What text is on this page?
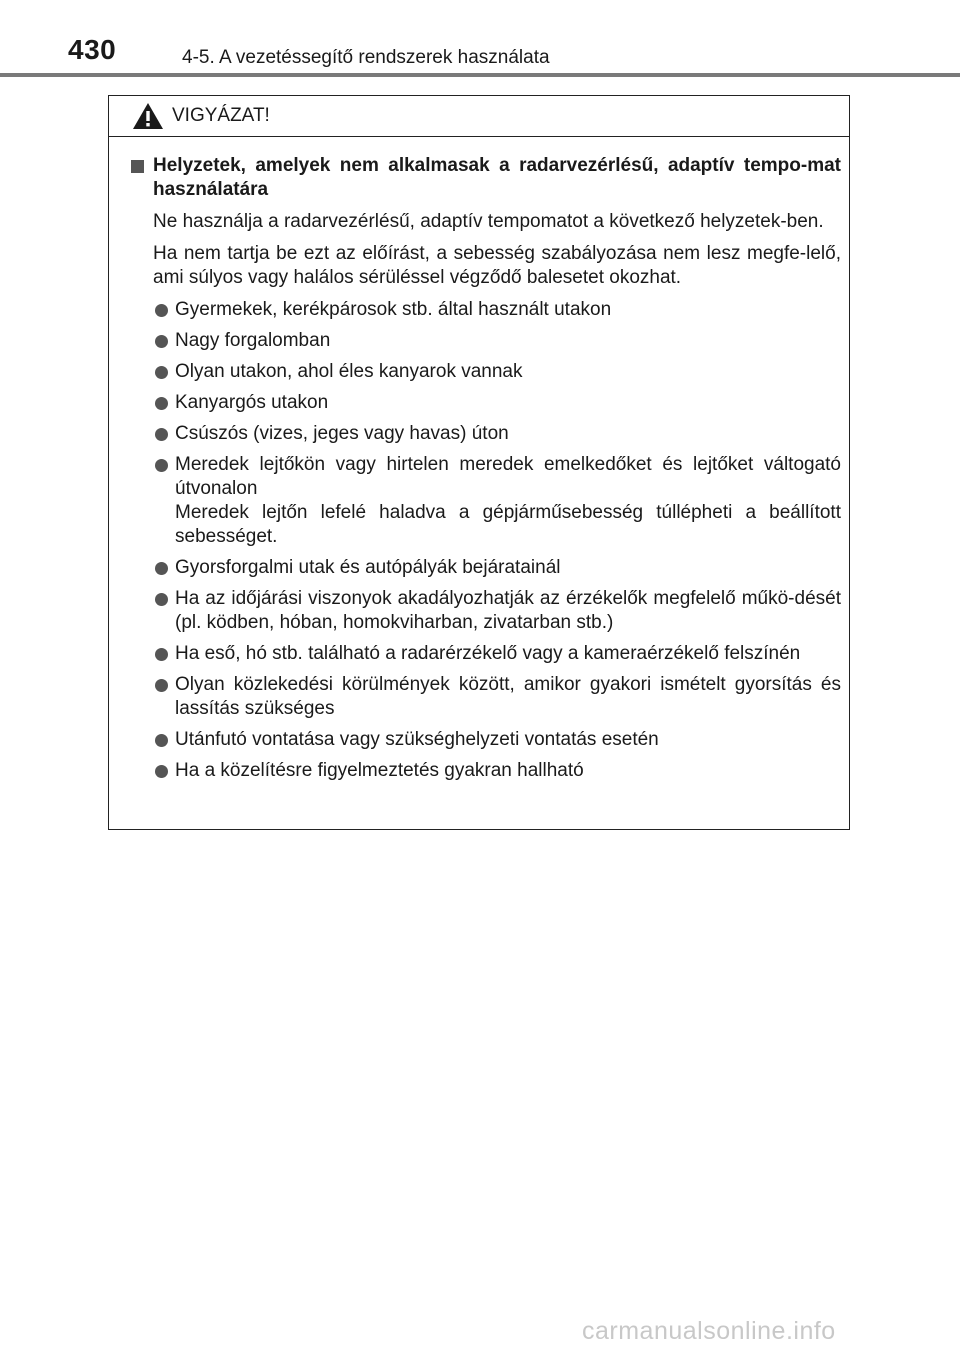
430	4-5. A vezetéssegítő rendszerek használata
VIGYÁZAT!
Helyzetek, amelyek nem alkalmasak a radarvezérlésű, adaptív tempo-mat használatára
Ne használja a radarvezérlésű, adaptív tempomatot a következő helyzetek-ben.
Ha nem tartja be ezt az előírást, a sebesség szabályozása nem lesz megfe-lelő, ami súlyos vagy halálos sérüléssel végződő balesetet okozhat.
Gyermekek, kerékpárosok stb. által használt utakon
Nagy forgalomban
Olyan utakon, ahol éles kanyarok vannak
Kanyargós utakon
Csúszós (vizes, jeges vagy havas) úton
Meredek lejtőkön vagy hirtelen meredek emelkedőket és lejtőket váltogató útvonalon
Meredek lejtőn lefelé haladva a gépjárműsebesség túllépheti a beállított sebességet.
Gyorsforgalmi utak és autópályák bejáratainál
Ha az időjárási viszonyok akadályozhatják az érzékelők megfelelő műkö-dését (pl. ködben, hóban, homokviharban, zivatarban stb.)
Ha eső, hó stb. található a radarérzékelő vagy a kameraérzékelő felszínén
Olyan közlekedési körülmények között, amikor gyakori ismételt gyorsítás és lassítás szükséges
Utánfutó vontatása vagy szükséghelyzeti vontatás esetén
Ha a közelítésre figyelmeztetés gyakran hallható
carmanualsonline.info
